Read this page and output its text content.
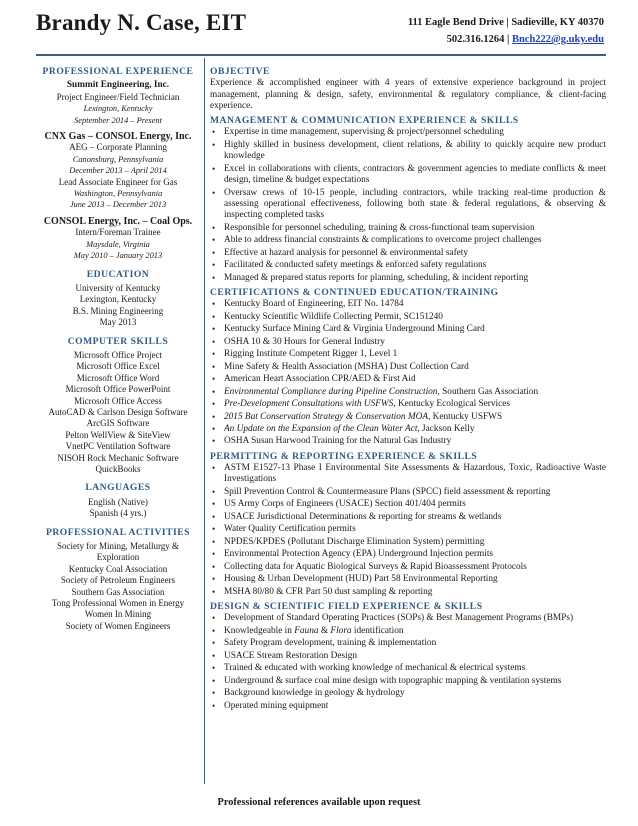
Brandy N. Case, EIT	111 Eagle Bend Drive | Sadieville, KY 40370
502.316.1264 | Bnch222@g.uky.edu
PROFESSIONAL EXPERIENCE
Summit Engineering, Inc.
Project Engineer/Field Technician
Lexington, Kentucky
September 2014 – Present
CNX Gas – CONSOL Energy, Inc.
AEG – Corporate Planning
Canonsburg, Pennsylvania
December 2013 – April 2014
Lead Associate Engineer for Gas
Washington, Pennsylvania
June 2013 – December 2013
CONSOL Energy, Inc. – Coal Ops.
Intern/Foreman Trainee
Maysdale, Virginia
May 2010 – January 2013
EDUCATION
University of Kentucky
Lexington, Kentucky
B.S. Mining Engineering
May 2013
COMPUTER SKILLS
Microsoft Office Project
Microsoft Office Excel
Microsoft Office Word
Microsoft Office PowerPoint
Microsoft Office Access
AutoCAD & Carlson Design Software
ArcGIS Software
Pelton WellView & SiteView
VnetPC Ventilation Software
NISOH Rock Mechanic Software
QuickBooks
LANGUAGES
English (Native)
Spanish (4 yrs.)
PROFESSIONAL ACTIVITIES
Society for Mining, Metallurgy & Exploration
Kentucky Coal Association
Society of Petroleum Engineers
Southern Gas Association
Tong Professional Women in Energy
Women In Mining
Society of Women Engineers
OBJECTIVE
Experience & accomplished engineer with 4 years of extensive experience background in project management, planning & design, safety, environmental & regulatory compliance, & client-facing experience.
MANAGEMENT & COMMUNICATION EXPERIENCE & SKILLS
• Expertise in time management, supervising & project/personnel scheduling
• Highly skilled in business development, client relations, & ability to quickly acquire new product knowledge
• Excel in collaborations with clients, contractors & government agencies to mediate conflicts & meet design, timeline & budget expectations
• Oversaw crews of 10-15 people, including contractors, while tracking real-time production & assessing operational effectiveness, following both state & federal regulations, & observing & inspecting completed tasks
• Responsible for personnel scheduling, training & cross-functional team supervision
• Able to address financial constraints & complications to overcome project challenges
• Effective at hazard analysis for personnel & environmental safety
• Facilitated & conducted safety meetings & enforced safety regulations
• Managed & prepared status reports for planning, scheduling, & incident reporting
CERTIFICATIONS & CONTINUED EDUCATION/TRAINING
• Kentucky Board of Engineering, EIT No. 14784
• Kentucky Scientific Wildlife Collecting Permit, SC151240
• Kentucky Surface Mining Card & Virginia Underground Mining Card
• OSHA 10 & 30 Hours for General Industry
• Rigging Institute Competent Rigger 1, Level 1
• Mine Safety & Health Association (MSHA) Dust Collection Card
• American Heart Association CPR/AED & First Aid
• Environmental Compliance during Pipeline Construction, Southern Gas Association
• Pre-Development Consultations with USFWS, Kentucky Ecological Services
• 2015 Bat Conservation Strategy & Conservation MOA, Kentucky USFWS
• An Update on the Expansion of the Clean Water Act, Jackson Kelly
• OSHA Susan Harwood Training for the Natural Gas Industry
PERMITTING & REPORTING EXPERIENCE & SKILLS
• ASTM E1527-13 Phase I Environmental Site Assessments & Hazardous, Toxic, Radioactive Waste Investigations
• Spill Prevention Control & Countermeasure Plans (SPCC) field assessment & reporting
• US Army Corps of Engineers (USACE) Section 401/404 permits
• USACE Jurisdictional Determinations & reporting for streams & wetlands
• Water Quality Certification permits
• NPDES/KPDES (Pollutant Discharge Elimination System) permitting
• Environmental Protection Agency (EPA) Underground Injection permits
• Collecting data for Aquatic Biological Surveys & Rapid Bioassessment Protocols
• Housing & Urban Development (HUD) Part 58 Environmental Reporting
• MSHA 80/80 & CFR Part 50 dust sampling & reporting
DESIGN & SCIENTIFIC FIELD EXPERIENCE & SKILLS
• Development of Standard Operating Practices (SOPs) & Best Management Programs (BMPs)
• Knowledgeable in Fauna & Flora identification
• Safety Program development, training & implementation
• USACE Stream Restoration Design
• Trained & educated with working knowledge of mechanical & electrical systems
• Underground & surface coal mine design with topographic mapping & ventilation systems
• Background knowledge in geology & hydrology
• Operated mining equipment
Professional references available upon request
